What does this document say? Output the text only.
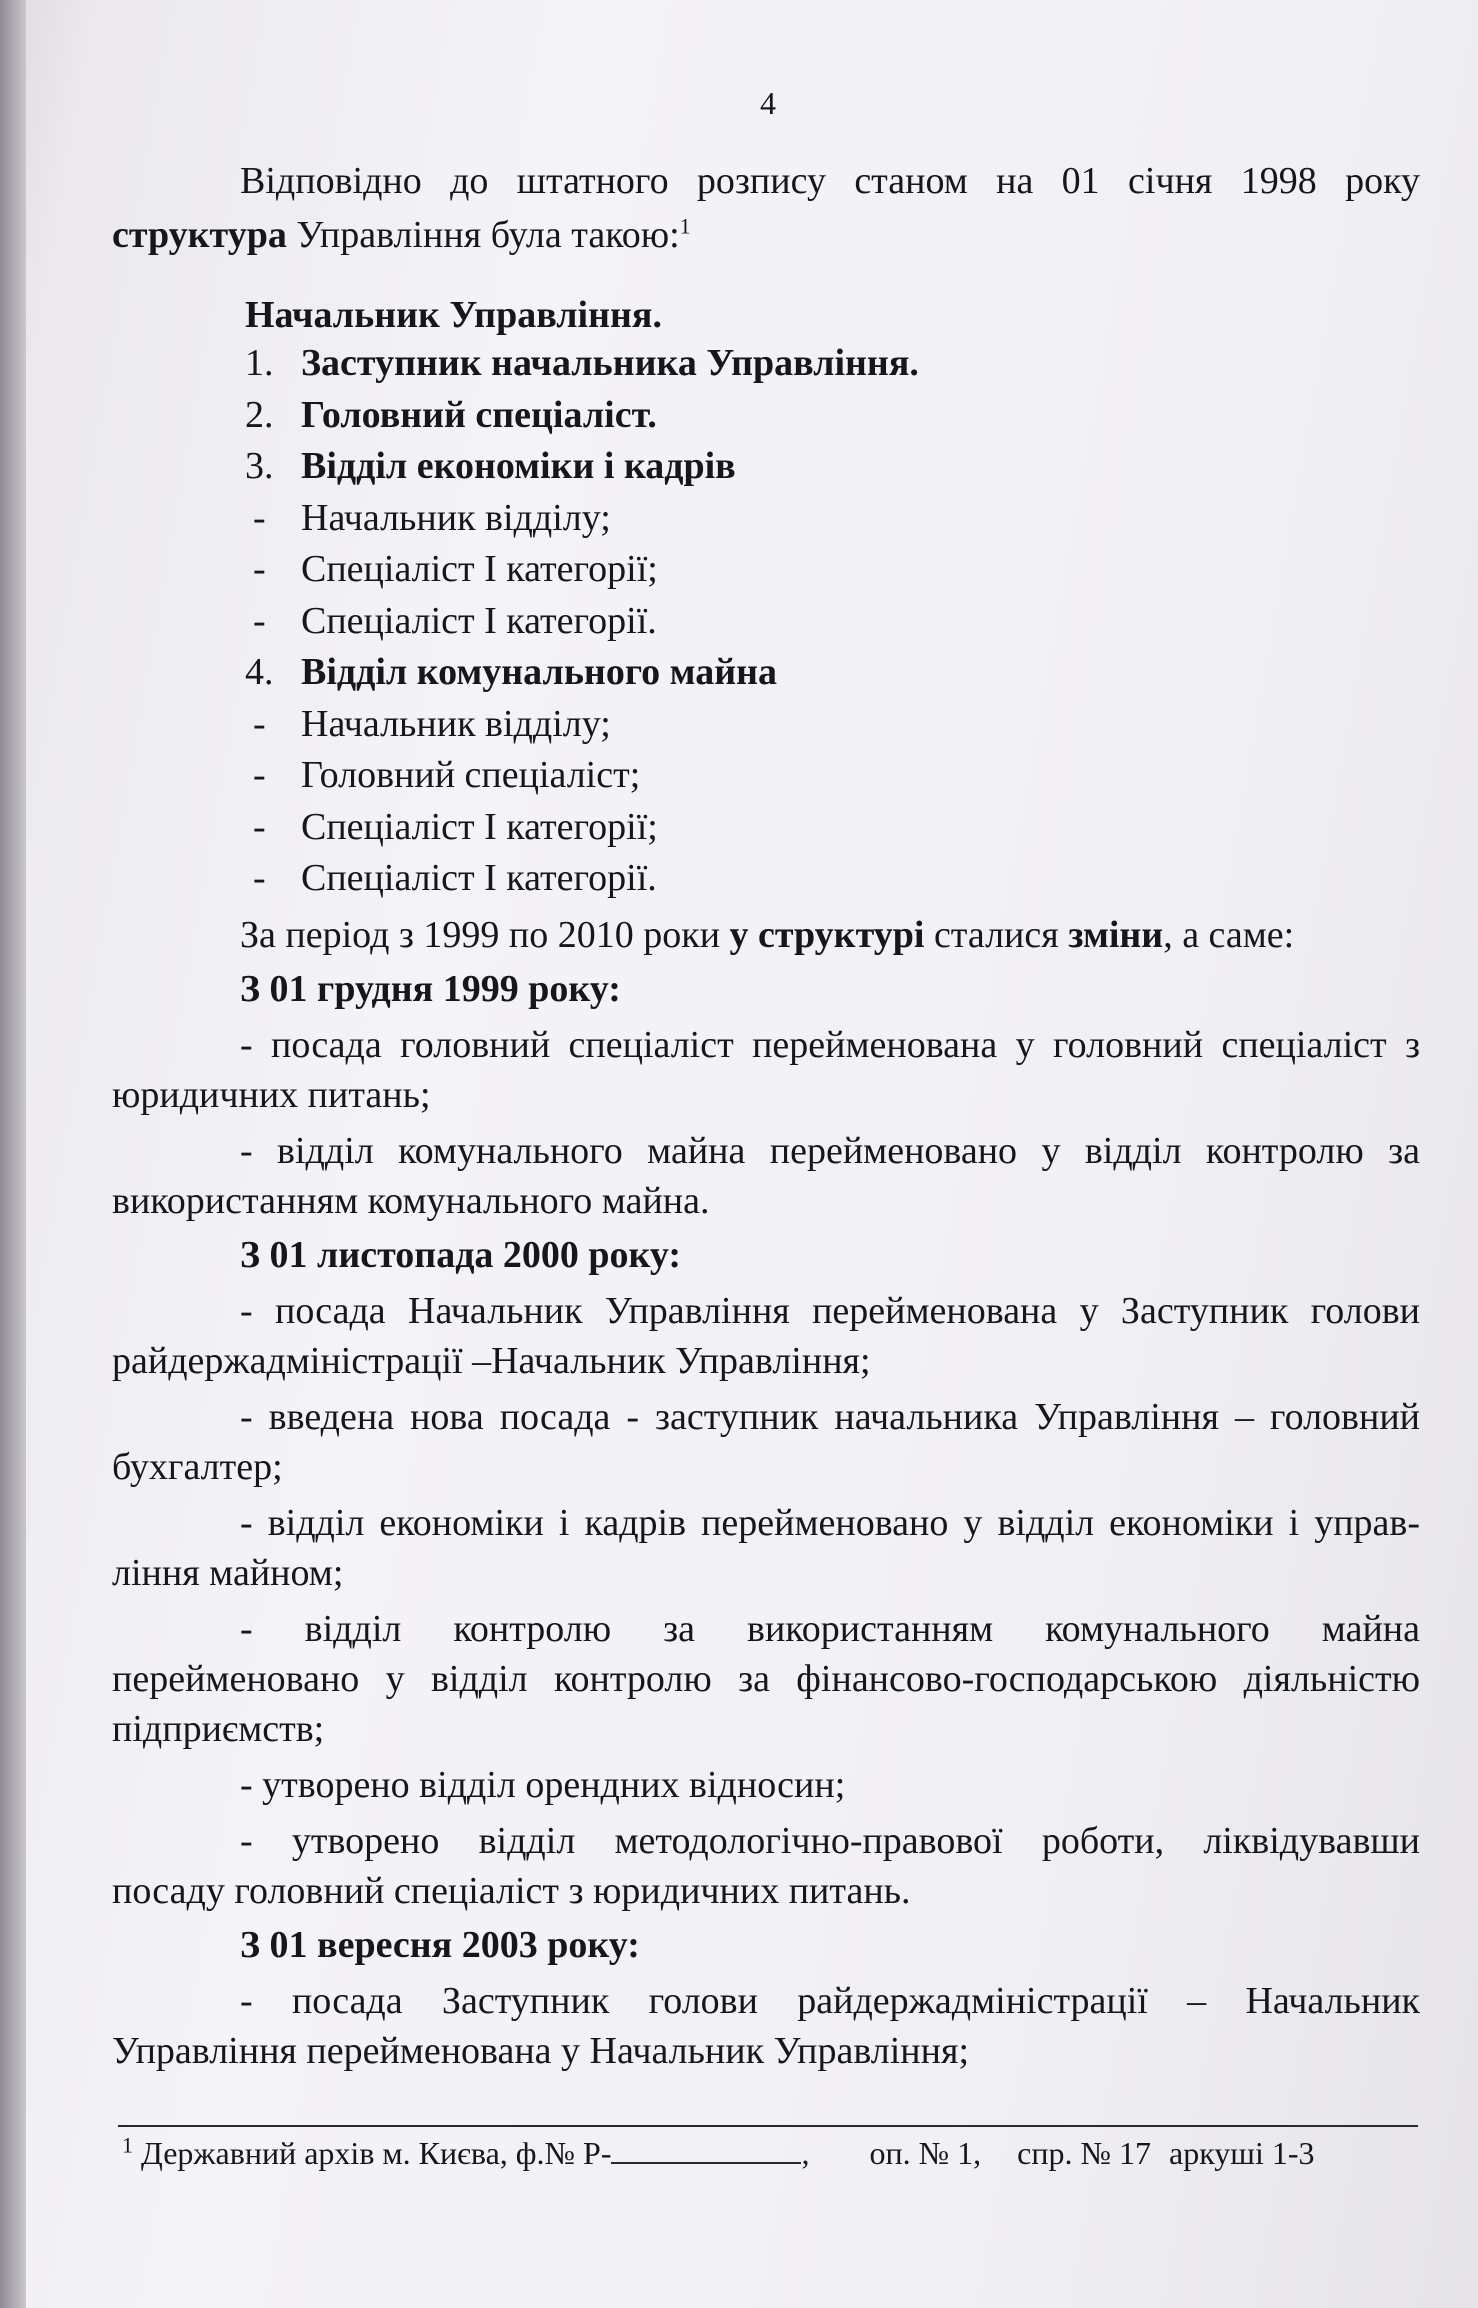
4

Відповідно до штатного розпису станом на 01 січня 1998 року

структура Управління була такою:$^1$

Начальник Управління.
1. Заступник начальника Управління.
2. Головний спеціаліст.
3. Відділ економіки і кадрів
- Начальник відділу;
- Спеціаліст І категорії;
- Спеціаліст І категорії.
4. Відділ комунального майна
- Начальник відділу;
- Головний спеціаліст;
- Спеціаліст І категорії;
- Спеціаліст І категорії.

За період з 1999 по 2010 роки у структурі сталися зміни, а саме:

З 01 грудня 1999 року:

- посада головний спеціаліст перейменована у головний спеціаліст з

юридичних питань;

- відділ комунального майна перейменовано у відділ контролю за

використанням комунального майна.

З 01 листопада 2000 року:

- посада Начальник Управління перейменована у Заступник голови

райдержадміністрації –Начальник Управління;

- введена нова посада - заступник начальника Управління – головний

бухгалтер;

- відділ економіки і кадрів перейменовано у відділ економіки і управ-

ління майном;

- відділ контролю за використанням комунального майна

перейменовано у відділ контролю за фінансово-господарською діяльністю

підприємств;

- утворено відділ орендних відносин;

- утворено відділ методологічно-правової роботи, ліквідувавши

посаду головний спеціаліст з юридичних питань.

З 01 вересня 2003 року:

- посада Заступник голови райдержадміністрації – Начальник

Управління перейменована у Начальник Управління;

$^1$ Державний архів м. Києва, ф.№ Р-	, оп. № 1, спр. № 17 аркуші 1-3
